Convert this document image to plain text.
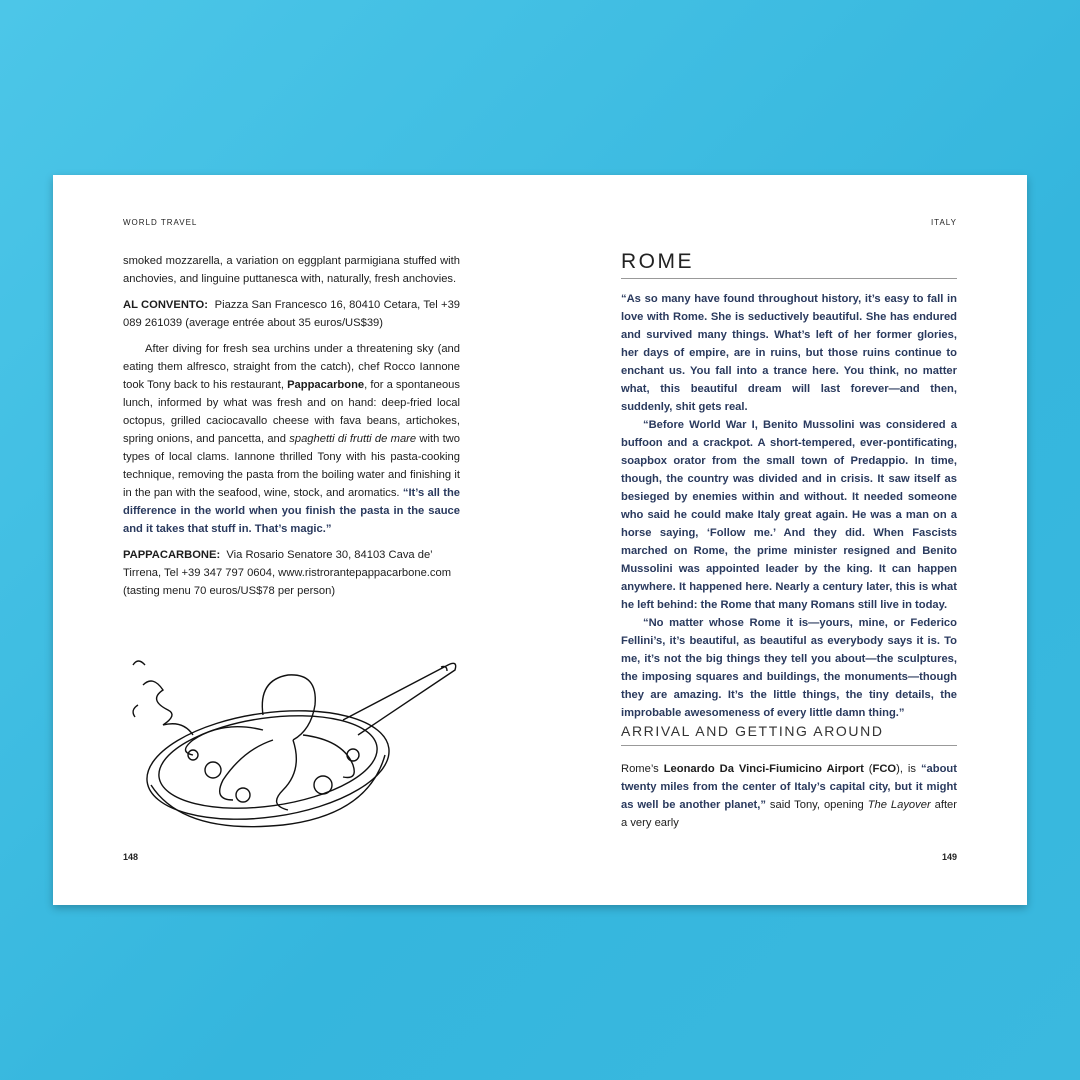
WORLD TRAVEL

smoked mozzarella, a variation on eggplant parmigiana stuffed with anchovies, and linguine puttanesca with, naturally, fresh anchovies.

AL CONVENTO: Piazza San Francesco 16, 80410 Cetara, Tel +39 089 261039 (average entrée about 35 euros/US$39)

After diving for fresh sea urchins under a threatening sky (and eating them alfresco, straight from the catch), chef Rocco Iannone took Tony back to his restaurant, Pappacarbone, for a spontaneous lunch, informed by what was fresh and on hand: deep-fried local octopus, grilled caciocavallo cheese with fava beans, artichokes, spring onions, and pancetta, and spaghetti di frutti de mare with two types of local clams. Iannone thrilled Tony with his pasta-cooking technique, removing the pasta from the boiling water and finishing it in the pan with the seafood, wine, stock, and aromatics. “It’s all the difference in the world when you finish the pasta in the sauce and it takes that stuff in. That’s magic.”

PAPPACARBONE: Via Rosario Senatore 30, 84103 Cava de’ Tirrena, Tel +39 347 797 0604, www.ristrorantepappacarbone.com (tasting menu 70 euros/US$78 per person)

148
ITALY
ROME

“As so many have found throughout history, it’s easy to fall in love with Rome. She is seductively beautiful. She has endured and survived many things. What’s left of her former glories, her days of empire, are in ruins, but those ruins continue to enchant us. You fall into a trance here. You think, no matter what, this beautiful dream will last forever—and then, suddenly, shit gets real.

“Before World War I, Benito Mussolini was considered a buffoon and a crackpot. A short-tempered, ever-pontificating, soapbox orator from the small town of Predappio. In time, though, the country was divided and in crisis. It saw itself as besieged by enemies within and without. It needed someone who said he could make Italy great again. He was a man on a horse saying, ‘Follow me.’ And they did. When Fascists marched on Rome, the prime minister resigned and Benito Mussolini was appointed leader by the king. It can happen anywhere. It happened here. Nearly a century later, this is what he left behind: the Rome that many Romans still live in today.

“No matter whose Rome it is—yours, mine, or Federico Fellini’s, it’s beautiful, as beautiful as everybody says it is. To me, it’s not the big things they tell you about—the sculptures, the imposing squares and buildings, the monuments—though they are amazing. It’s the little things, the tiny details, the improbable awesomeness of every little damn thing.”

ARRIVAL AND GETTING AROUND

Rome’s Leonardo Da Vinci-Fiumicino Airport (FCO), is “about twenty miles from the center of Italy’s capital city, but it might as well be another planet,” said Tony, opening The Layover after a very early

149
